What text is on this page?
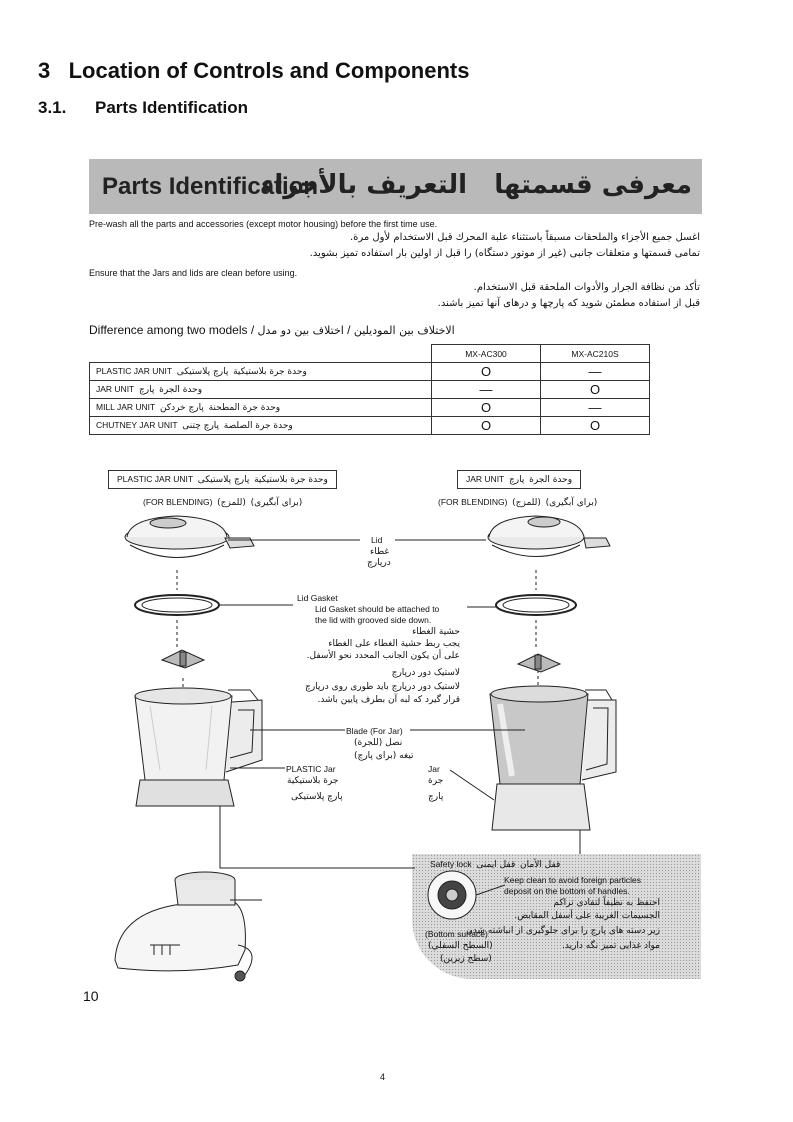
3 Location of Controls and Components
3.1. Parts Identification
Parts Identification	معرفی قسمتها   التعريف بالأجزاء
Pre-wash all the parts and accessories (except motor housing) before the first time use.
اغسل جميع الأجزاء والملحقات مسبقاً باستثناء علبة المحرك قبل الاستخدام لأول مرة.
تمامی قسمتها و متعلقات جانبی (غیر از موتور دستگاه) را قبل از اولین بار استفاده تمیز بشوید.
Ensure that the Jars and lids are clean before using.
تأكد من نظافة الجرار والأدوات الملحقة قبل الاستخدام.
قبل از استفاده مطمئن شوید که پارچها و درهای آنها تمیز باشند.
Difference among two models /	الاختلاف بين الموديلين / اختلاف بین دو مدل
	MX-AC300	MX-AC210S
PLASTIC JAR UNIT وحدة جرة بلاستيكية  پارچ پلاستیکی	O	—
JAR UNIT وحدة الجرة  پارچ	—	O
MILL JAR UNIT وحدة جرة المطحنة  پارچ خردکن	O	—
CHUTNEY JAR UNIT وحدة جرة الصلصة  پارچ چتنی	O	O
PLASTIC JAR UNIT	وحدة جرة بلاستيكية  پارچ پلاستیکی
(FOR BLENDING) (للمزج) (برای آبگیری)
JAR UNIT	وحدة الجرة  پارچ
(FOR BLENDING) (للمزج) (برای آبگیری)
Lid
غطاء
درپارچ
Lid Gasket
Lid Gasket should be attached to
the lid with grooved side down.
حشية الغطاء
يجب ربط حشية الغطاء على الغطاء
على أن يكون الجانب المحدد نحو الأسفل.
لاستیک دور درپارچ
لاستیک دور درپارچ باید طوری روی درپارچ
قرار گیرد که لبه آن بطرف پایین باشد.
Blade (For Jar)
نصل (للجرة)
تیغه (برای پارچ)
PLASTIC Jar
جرة بلاستيكية
پارچ پلاستیکی
Jar
جرة
پارچ
Safety lock	قفل الأمان  قفل ایمنی
Keep clean to avoid foreign particles
deposit on the bottom of handles.
احتفظ به نظيفاً لتفادي تراكم
الجسيمات الغريبة على أسفل المقابض.
زیر دسته های پارچ را برای جلوگیری از انباشته شدن
مواد غذایی تمیز نگه دارید.
(Bottom surface)
(السطح السفلي)
(سطح زیرین)
10
4
